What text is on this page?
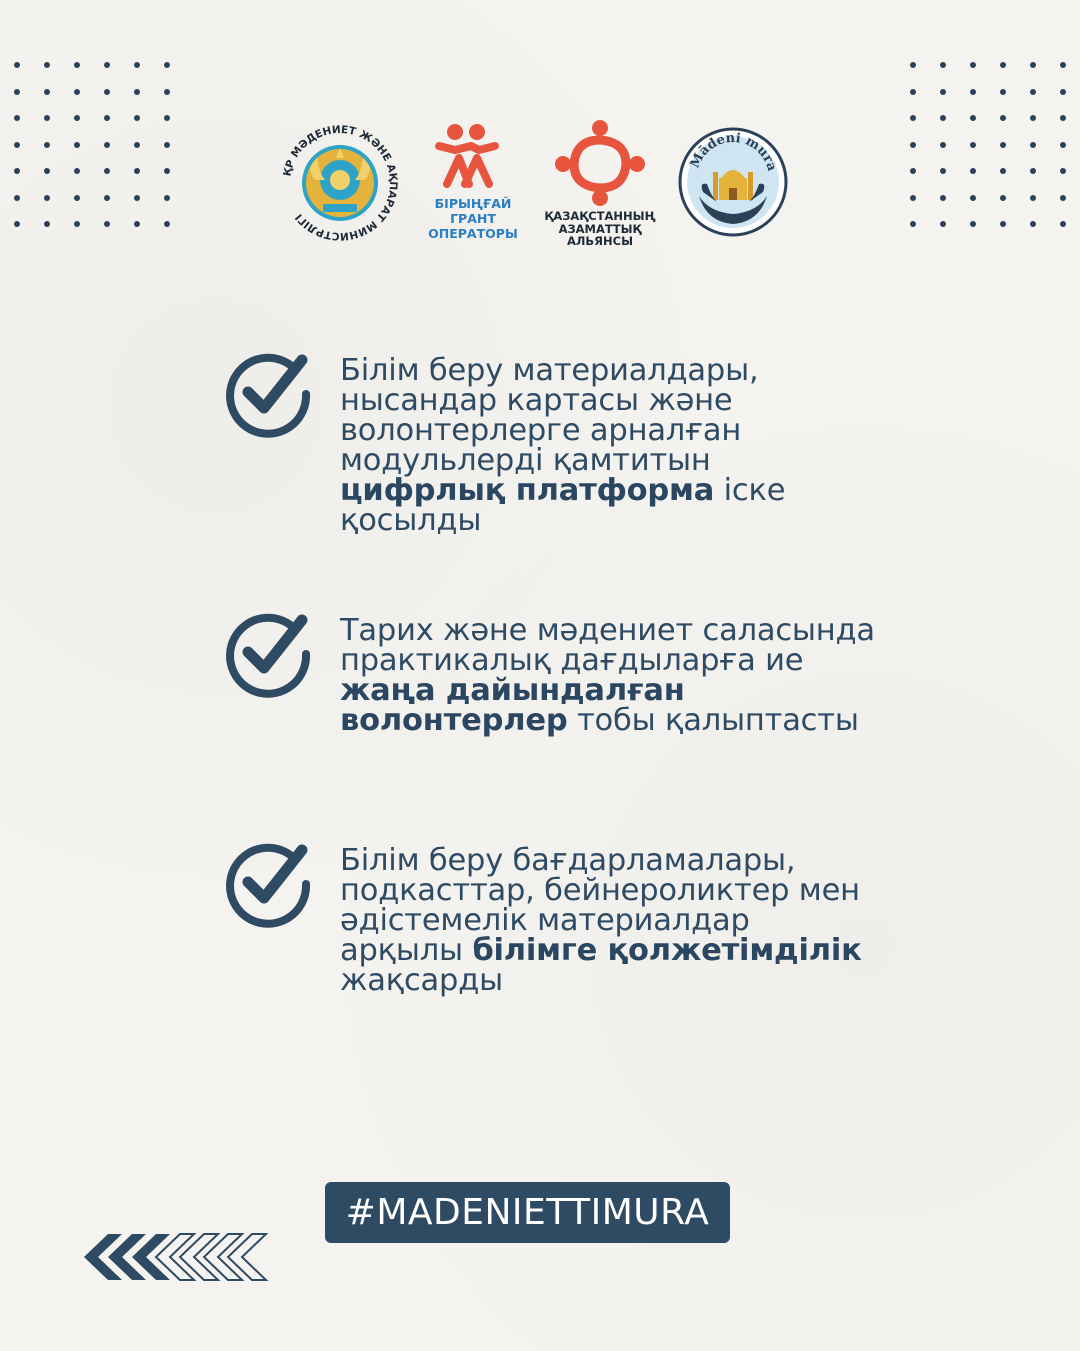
ҚР МӘДЕНИЕТ ЖӘНЕ АҚПАРАТ МИНИСТРЛІГІ
БІРЫҢҒАЙ
ГРАНТ
ОПЕРАТОРЫ
ҚАЗАҚСТАННЫҢ
АЗАМАТТЫҚ
АЛЬЯНСЫ
Mādeni mura
Білім беру материалдары, нысандар картасы және волонтерлерге арналған модульлерді қамтитын цифрлық платформа іске қосылды
Тарих және мәдениет саласында практикалық дағдыларға ие жаңа дайындалған волонтерлер тобы қалыптасты
Білім беру бағдарламалары, подкасттар, бейнероликтер мен әдістемелік материалдар арқылы білімге қолжетімділік жақсарды
#MADENIETTIMURA
